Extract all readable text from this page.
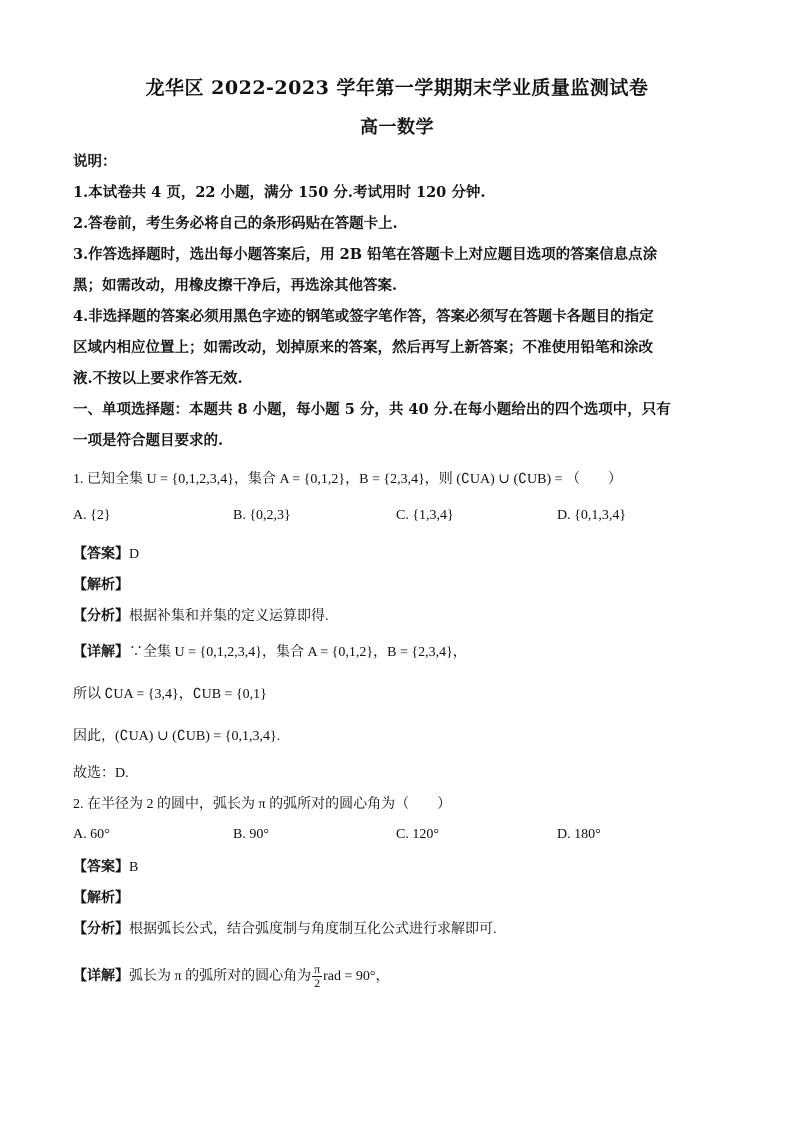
龙华区 2022-2023 学年第一学期期末学业质量监测试卷
高一数学
说明：
1.本试卷共 4 页，22 小题，满分 150 分.考试用时 120 分钟.
2.答卷前，考生务必将自己的条形码贴在答题卡上.
3.作答选择题时，选出每小题答案后，用 2B 铅笔在答题卡上对应题目选项的答案信息点涂
黑；如需改动，用橡皮擦干净后，再选涂其他答案.
4.非选择题的答案必须用黑色字迹的钢笔或签字笔作答，答案必须写在答题卡各题目的指定
区域内相应位置上；如需改动，划掉原来的答案，然后再写上新答案；不准使用铅笔和涂改
液.不按以上要求作答无效.
一、单项选择题：本题共 8 小题，每小题 5 分，共 40 分.在每小题给出的四个选项中，只有
一项是符合题目要求的.
1. 已知全集 U = {0,1,2,3,4}，集合 A = {0,1,2}，B = {2,3,4}，则 (∁UA) ∪ (∁UB) = （　　）
A. {2}	B. {0,2,3}	C. {1,3,4}	D. {0,1,3,4}
【答案】D
【解析】
【分析】根据补集和并集的定义运算即得.
【详解】∵全集 U = {0,1,2,3,4}，集合 A = {0,1,2}，B = {2,3,4}，
所以 ∁UA = {3,4}，∁UB = {0,1}
因此，(∁UA) ∪ (∁UB) = {0,1,3,4}.
故选：D.
2. 在半径为 2 的圆中，弧长为 π 的弧所对的圆心角为（　　）
A. 60°	B. 90°	C. 120°	D. 180°
【答案】B
【解析】
【分析】根据弧长公式，结合弧度制与角度制互化公式进行求解即可.
【详解】弧长为 π 的弧所对的圆心角为 $\frac{\pi}{2}$ rad = 90°，
